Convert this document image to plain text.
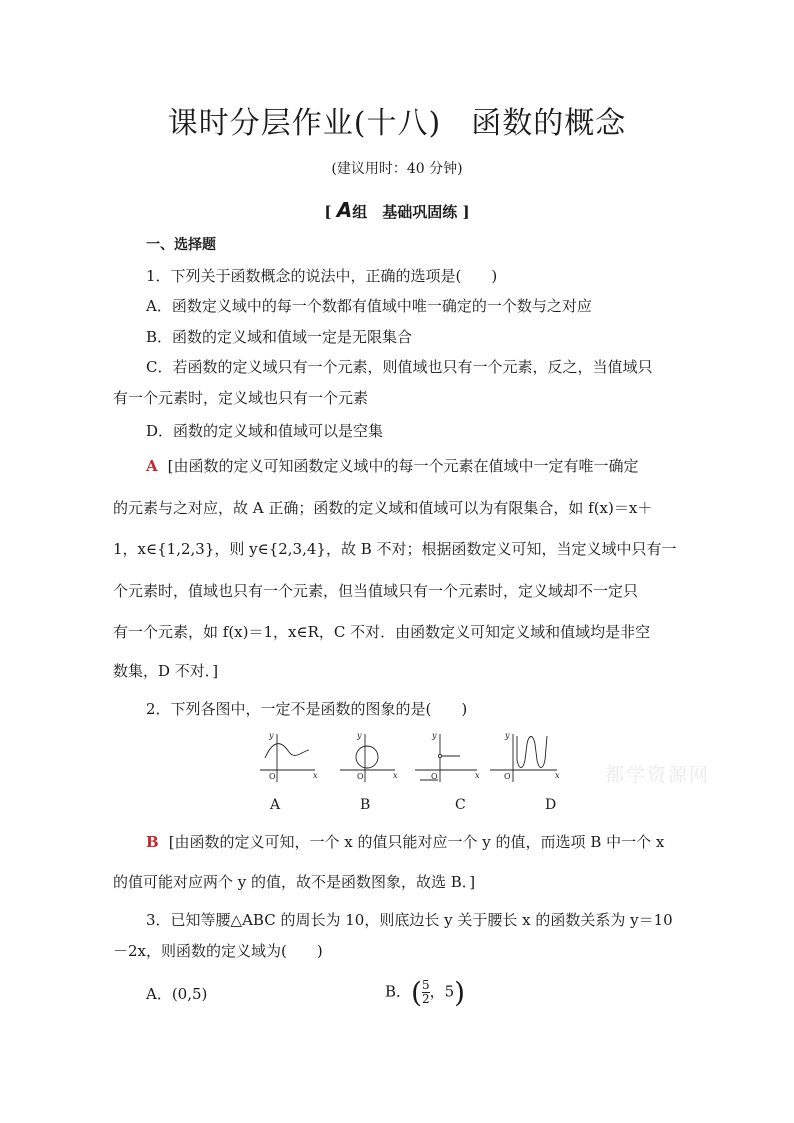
课时分层作业(十八) 函数的概念
(建议用时：40 分钟)
[ A组　基础巩固练 ]
一、选择题
1．下列关于函数概念的说法中，正确的选项是(　　)
A．函数定义域中的每一个数都有值域中唯一确定的一个数与之对应
B．函数的定义域和值域一定是无限集合
C．若函数的定义域只有一个元素，则值域也只有一个元素，反之，当值域只
有一个元素时，定义域也只有一个元素
D．函数的定义域和值域可以是空集
A [由函数的定义可知函数定义域中的每一个元素在值域中一定有唯一确定
的元素与之对应，故 A 正确；函数的定义域和值域可以为有限集合，如 f(x)＝x＋
1，x∈{1,2,3}，则 y∈{2,3,4}，故 B 不对；根据函数定义可知，当定义域中只有一
个元素时，值域也只有一个元素，但当值域只有一个元素时，定义域却不一定只
有一个元素，如 f(x)＝1，x∈R，C 不对．由函数定义可知定义域和值域均是非空
数集，D 不对．]
2．下列各图中，一定不是函数的图象的是(　　)
y
x
O
y
x
O
y
x
O
y
x
O
A	B	C	D
都学资源网
B [由函数的定义可知，一个 x 的值只能对应一个 y 的值，而选项 B 中一个 x
的值可能对应两个 y 的值，故不是函数图象，故选 B．]
3．已知等腰△ABC 的周长为 10，则底边长 y 关于腰长 x 的函数关系为 y＝10
－2x，则函数的定义域为(　　)
A．(0,5)	B．( $\frac{5}{2}$ ，5)
